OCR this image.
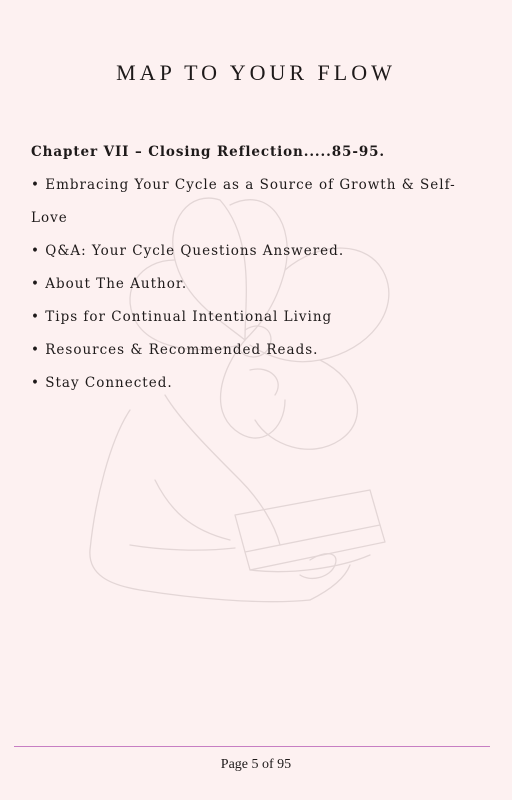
MAP TO YOUR FLOW

Chapter VII – Closing Reflection.....85-95.

• Embracing Your Cycle as a Source of Growth & Self-Love
• Q&A: Your Cycle Questions Answered.
• About The Author.
• Tips for Continual Intentional Living
• Resources & Recommended Reads.
• Stay Connected.
Page 5 of 95
